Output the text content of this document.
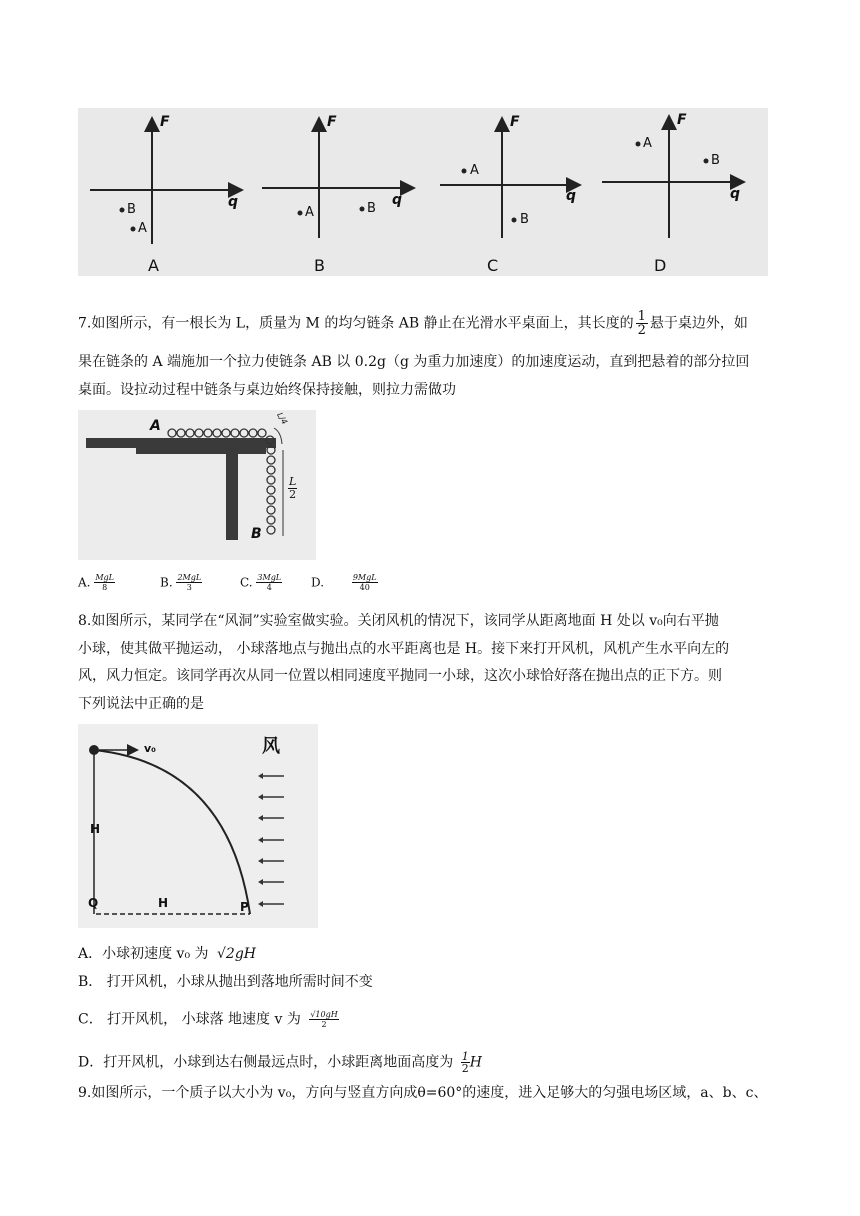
F
q
B
A
A
F
q
A	B
B
F
q
A
B
C
F
q
A
B
D
7.如图所示，有一根长为 L，质量为 M 的均匀链条 AB 静止在光滑水平桌面上，其长度的 $\frac{1}{2}$ 悬于桌边外，如
果在链条的 A 端施加一个拉力使链条 AB 以 0.2g（g 为重力加速度）的加速度运动，直到把悬着的部分拉回
桌面。设拉动过程中链条与桌边始终保持接触，则拉力需做功
A
B
L/4
$\frac{L}{2}$
A. $\frac{\text{MgL}}{8}$	B. $\frac{\text{2MgL}}{3}$	C. $\frac{\text{3MgL}}{4} D$.	$\frac{\text{9MgL}}{40}$
8.如图所示，某同学在“风洞”实验室做实验。关闭风机的情况下，该同学从距离地面 H 处以 v₀向右平抛
小球，使其做平抛运动， 小球落地点与抛出点的水平距离也是 H。接下来打开风机，风机产生水平向左的
风，风力恒定。该同学再次从同一位置以相同速度平抛同一小球，这次小球恰好落在抛出点的正下方。则
下列说法中正确的是
v₀	风
H
Q	H	P
A．小球初速度 v₀ 为 √2gH
B． 打开风机，小球从抛出到落地所需时间不变
C． 打开风机， 小球落 地速度 v 为 $\frac{√10gH}{2}$
D．打开风机，小球到达右侧最远点时，小球距离地面高度为 $\frac{1}{2}$ H
9.如图所示，一个质子以大小为 v₀，方向与竖直方向成θ=60°的速度，进入足够大的匀强电场区域，a、b、c、
